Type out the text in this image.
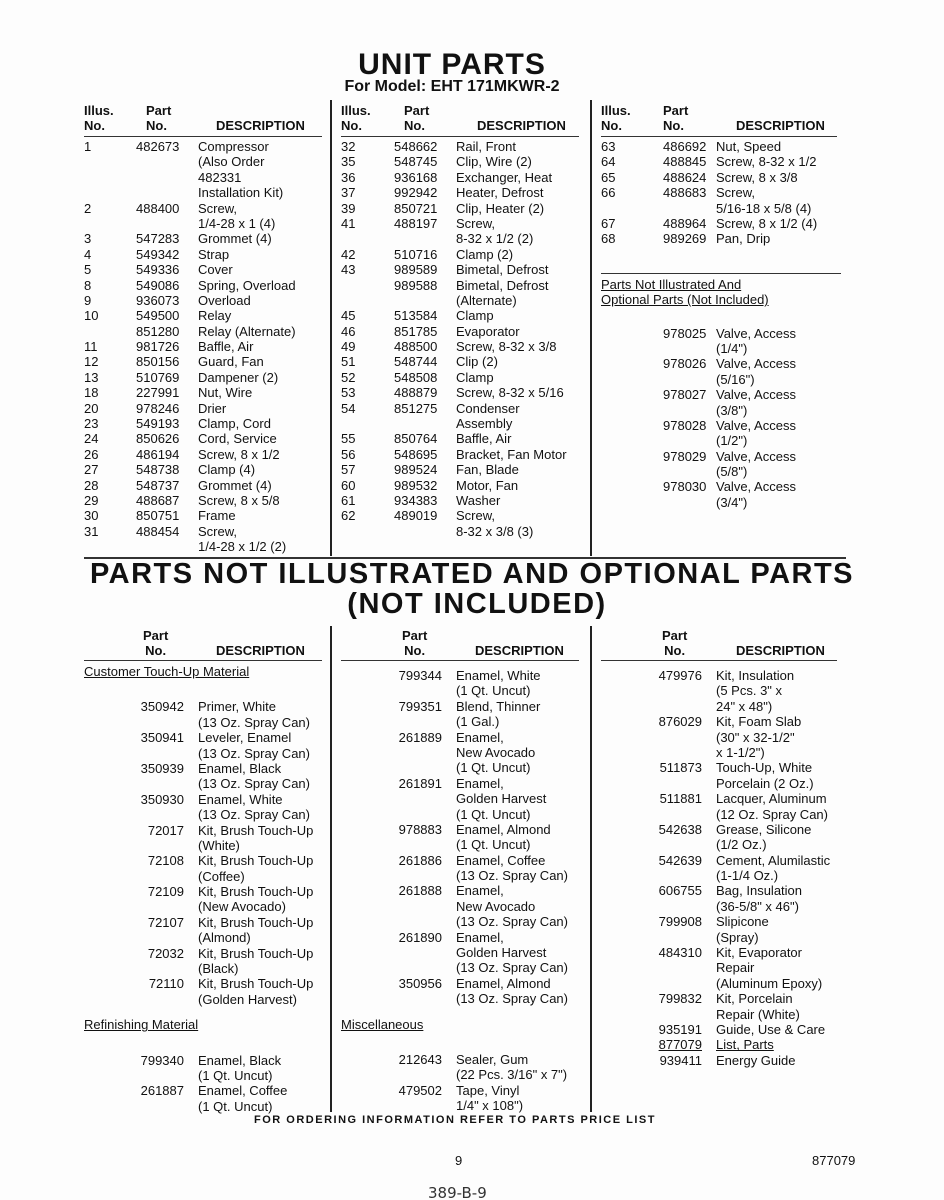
UNIT PARTS
For Model: EHT 171MKWR-2
Illus.
No.
Part
No.	DESCRIPTION
Illus.
No.
Part
No.	DESCRIPTION
Illus.
No.
Part
No.	DESCRIPTION
1	482673 Compressor
(Also Order
482331
Installation Kit)
2	488400 Screw,
1/4-28 x 1 (4)
3	547283 Grommet (4)
4	549342 Strap
5	549336 Cover
8	549086 Spring, Overload
9	936073 Overload
10	549500 Relay
851280 Relay (Alternate)
11	981726 Baffle, Air
12	850156 Guard, Fan
13	510769 Dampener (2)
18	227991 Nut, Wire
20	978246 Drier
23	549193 Clamp, Cord
24	850626 Cord, Service
26	486194 Screw, 8 x 1/2
27	548738 Clamp (4)
28	548737 Grommet (4)
29	488687 Screw, 8 x 5/8
30	850751 Frame
31	488454 Screw,
1/4-28 x 1/2 (2)
32	548662 Rail, Front
35	548745 Clip, Wire (2)
36	936168 Exchanger, Heat
37	992942 Heater, Defrost
39	850721 Clip, Heater (2)
41	488197 Screw,
8-32 x 1/2 (2)
42	510716 Clamp (2)
43	989589 Bimetal, Defrost
989588 Bimetal, Defrost
(Alternate)
45	513584 Clamp
46	851785 Evaporator
49	488500 Screw, 8-32 x 3/8
51	548744 Clip (2)
52	548508 Clamp
53	488879 Screw, 8-32 x 5/16
54	851275 Condenser
Assembly
55	850764 Baffle, Air
56	548695 Bracket, Fan Motor
57	989524 Fan, Blade
60	989532 Motor, Fan
61	934383 Washer
62	489019 Screw,
8-32 x 3/8 (3)
63	486692 Nut, Speed
64	488845 Screw, 8-32 x 1/2
65	488624 Screw, 8 x 3/8
66	488683 Screw,
5/16-18 x 5/8 (4)
67	488964 Screw, 8 x 1/2 (4)
68	989269 Pan, Drip
Parts Not Illustrated And
Optional Parts (Not Included)
978025 Valve, Access
(1/4")
978026 Valve, Access
(5/16")
978027 Valve, Access
(3/8")
978028 Valve, Access
(1/2")
978029 Valve, Access
(5/8")
978030 Valve, Access
(3/4")
PARTS NOT ILLUSTRATED AND OPTIONAL PARTS
(NOT INCLUDED)
Part
No.	DESCRIPTION
Part
No.	DESCRIPTION
Part
No.	DESCRIPTION
Customer Touch-Up Material
350942 Primer, White
(13 Oz. Spray Can)
350941 Leveler, Enamel
(13 Oz. Spray Can)
350939 Enamel, Black
(13 Oz. Spray Can)
350930 Enamel, White
(13 Oz. Spray Can)
72017 Kit, Brush Touch-Up
(White)
72108 Kit, Brush Touch-Up
(Coffee)
72109 Kit, Brush Touch-Up
(New Avocado)
72107 Kit, Brush Touch-Up
(Almond)
72032 Kit, Brush Touch-Up
(Black)
72110 Kit, Brush Touch-Up
(Golden Harvest)
Refinishing Material
799340 Enamel, Black
(1 Qt. Uncut)
261887 Enamel, Coffee
(1 Qt. Uncut)
799344 Enamel, White
(1 Qt. Uncut)
799351 Blend, Thinner
(1 Gal.)
261889 Enamel,
New Avocado
(1 Qt. Uncut)
261891 Enamel,
Golden Harvest
(1 Qt. Uncut)
978883 Enamel, Almond
(1 Qt. Uncut)
261886 Enamel, Coffee
(13 Oz. Spray Can)
261888 Enamel,
New Avocado
(13 Oz. Spray Can)
261890 Enamel,
Golden Harvest
(13 Oz. Spray Can)
350956 Enamel, Almond
(13 Oz. Spray Can)
Miscellaneous
212643 Sealer, Gum
(22 Pcs. 3/16" x 7")
479502 Tape, Vinyl
1/4" x 108")
479976 Kit, Insulation
(5 Pcs. 3" x
24" x 48")
876029 Kit, Foam Slab
(30" x 32-1/2"
x 1-1/2")
511873 Touch-Up, White
Porcelain (2 Oz.)
511881 Lacquer, Aluminum
(12 Oz. Spray Can)
542638 Grease, Silicone
(1/2 Oz.)
542639 Cement, Alumilastic
(1-1/4 Oz.)
606755 Bag, Insulation
(36-5/8" x 46")
799908 Slipicone
(Spray)
484310 Kit, Evaporator
Repair
(Aluminum Epoxy)
799832 Kit, Porcelain
Repair (White)
935191 Guide, Use & Care
877079 List, Parts
939411 Energy Guide
FOR ORDERING INFORMATION REFER TO PARTS PRICE LIST
9	877079
389-B-9
